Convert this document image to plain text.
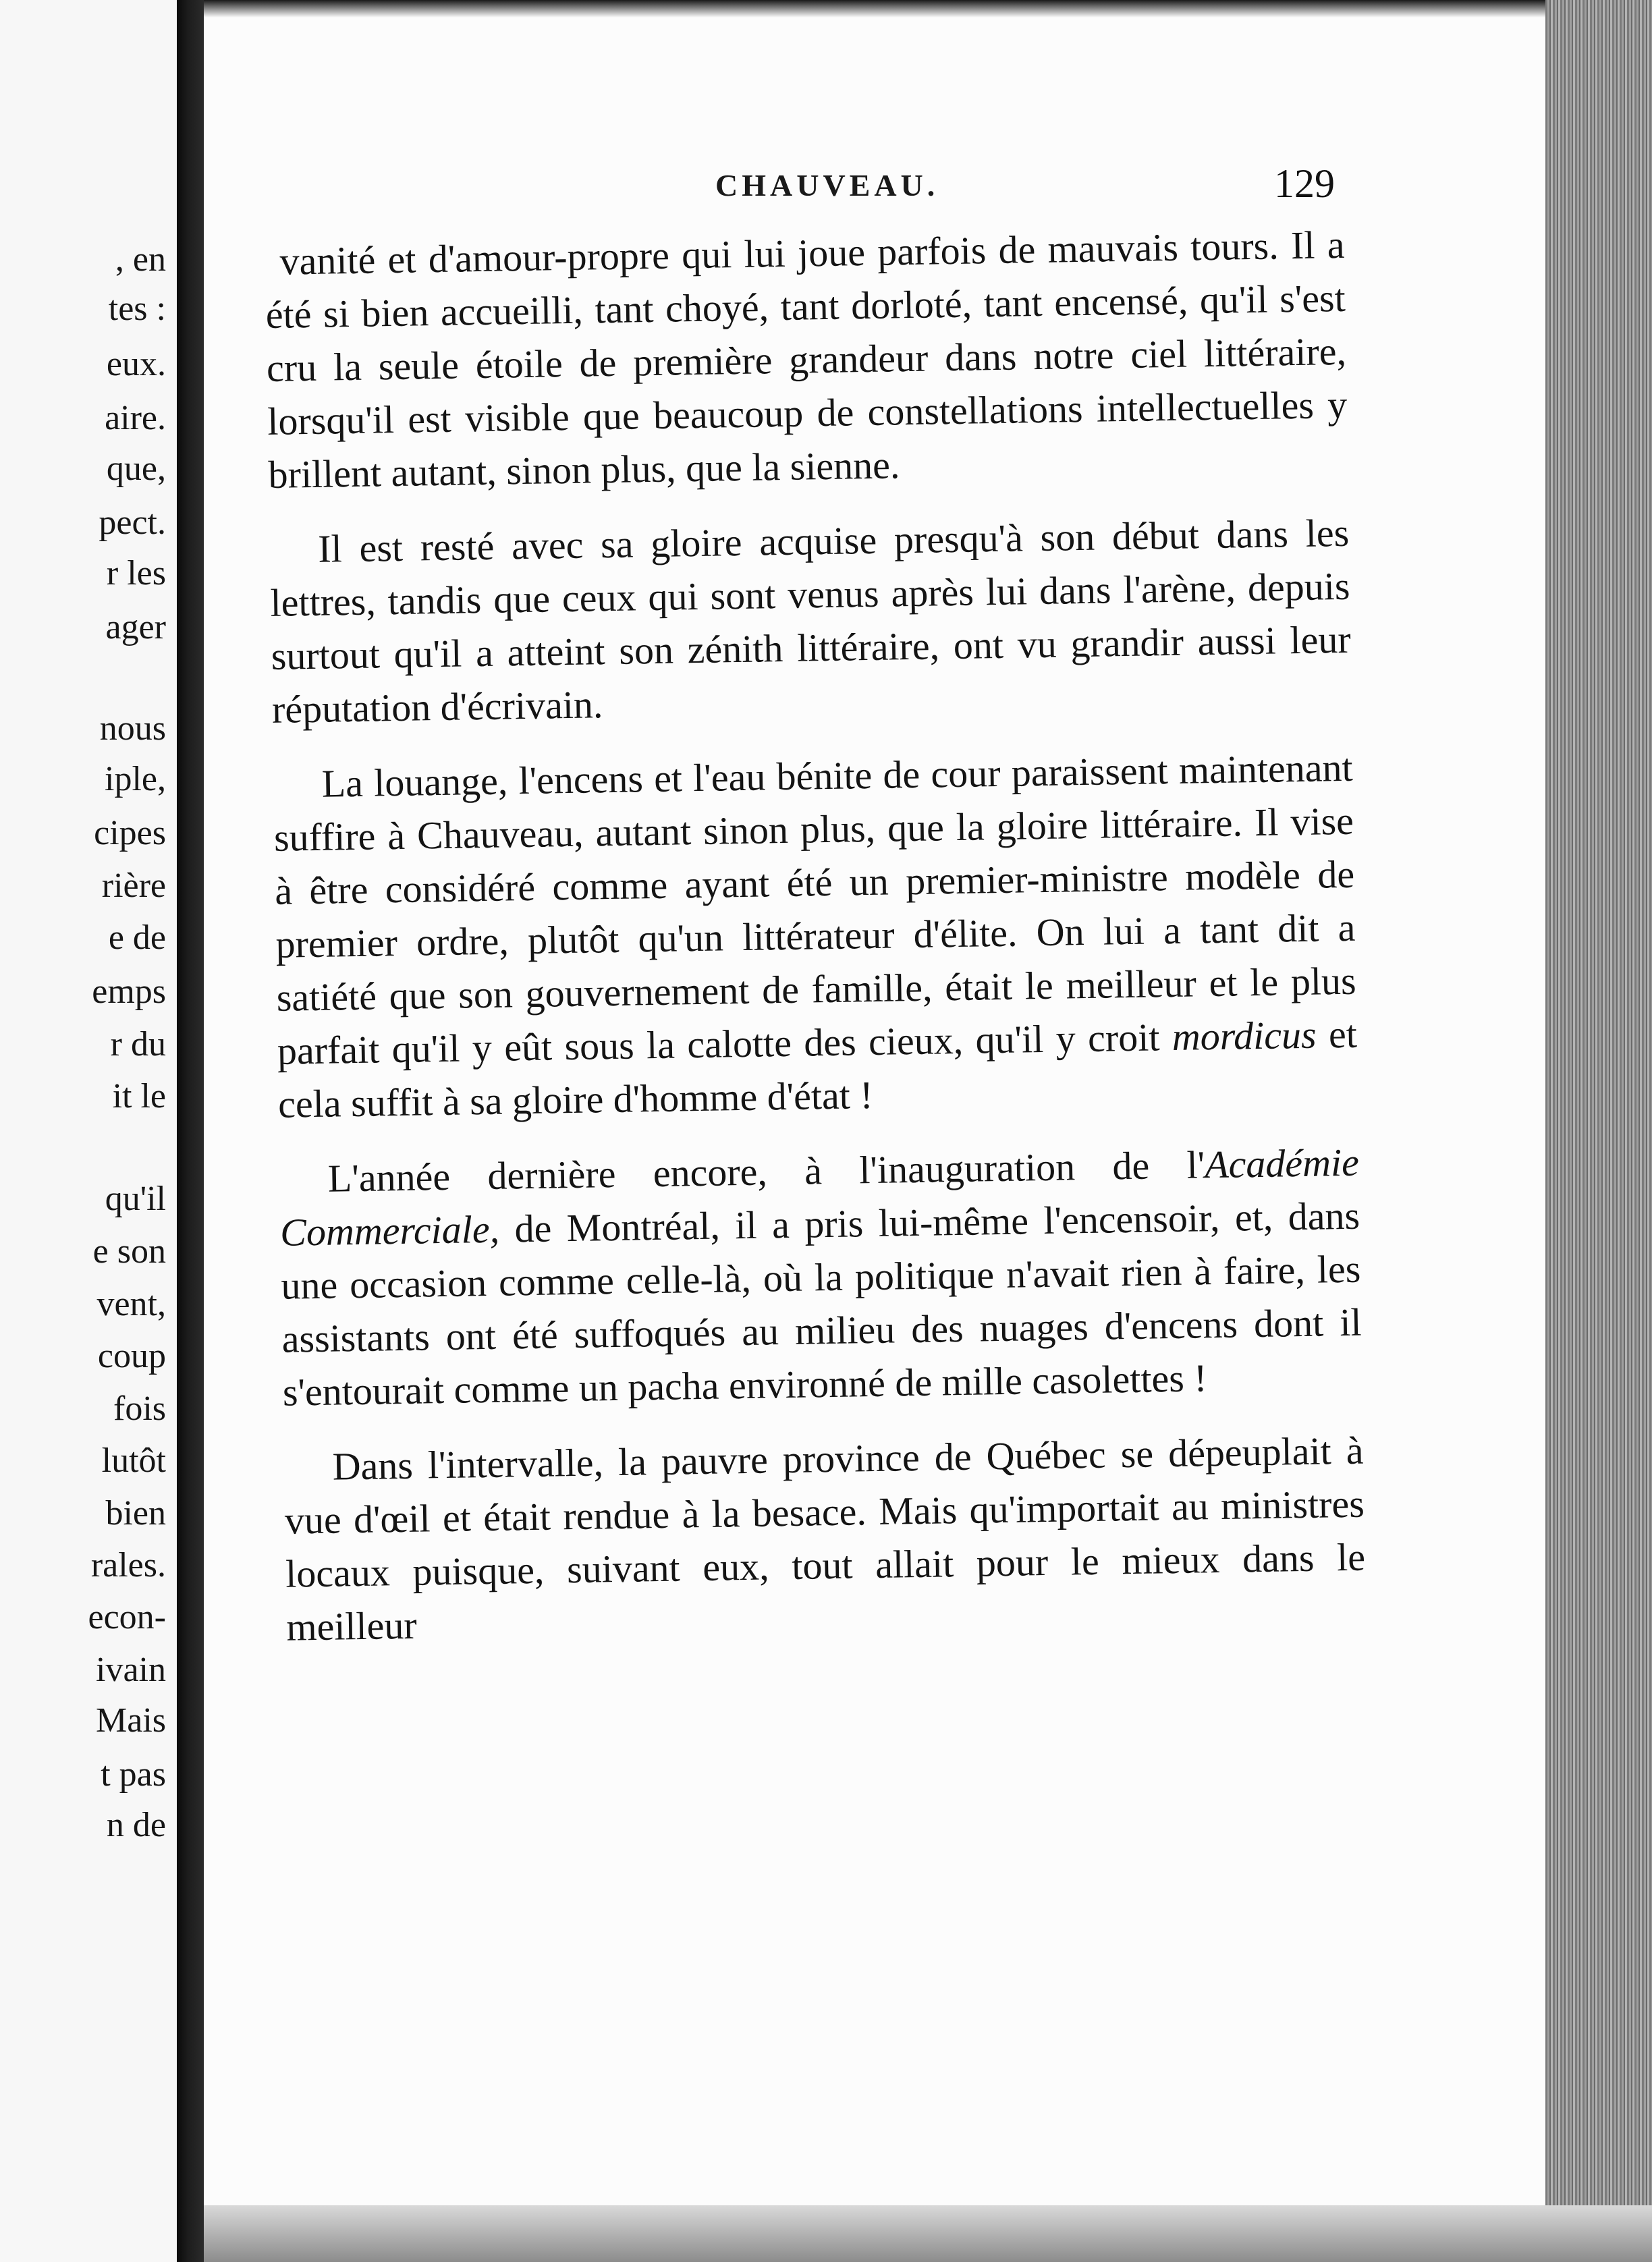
, en
tes :
eux.
aire.
que,
pect.
r les
ager
nous
iple,
cipes
rière
e de
emps
r du
it le
qu'il
e son
vent,
coup
fois
lutôt
bien
rales.
econ-
ivain
Mais
t pas
n de
CHAUVEAU.	129

vanité et d'amour-propre qui lui joue parfois de mauvais tours. Il a été si bien accueilli, tant choyé, tant dorloté, tant encensé, qu'il s'est cru la seule étoile de première grandeur dans notre ciel littéraire, lorsqu'il est visible que beaucoup de constellations intellectuelles y brillent autant, sinon plus, que la sienne.

Il est resté avec sa gloire acquise presqu'à son début dans les lettres, tandis que ceux qui sont venus après lui dans l'arène, depuis surtout qu'il a atteint son zénith littéraire, ont vu grandir aussi leur réputation d'écrivain.

La louange, l'encens et l'eau bénite de cour paraissent maintenant suffire à Chauveau, autant sinon plus, que la gloire littéraire. Il vise à être considéré comme ayant été un premier-ministre modèle de premier ordre, plutôt qu'un littérateur d'élite. On lui a tant dit a satiété que son gouvernement de famille, était le meilleur et le plus parfait qu'il y eût sous la calotte des cieux, qu'il y croit mordicus et cela suffit à sa gloire d'homme d'état !

L'année dernière encore, à l'inauguration de l'Académie Commerciale, de Montréal, il a pris lui-même l'encensoir, et, dans une occasion comme celle-là, où la politique n'avait rien à faire, les assistants ont été suffoqués au milieu des nuages d'encens dont il s'entourait comme un pacha environné de mille casolettes !

Dans l'intervalle, la pauvre province de Québec se dépeuplait à vue d'œil et était rendue à la besace. Mais qu'importait au ministres locaux puisque, suivant eux, tout allait pour le mieux dans le meilleur
